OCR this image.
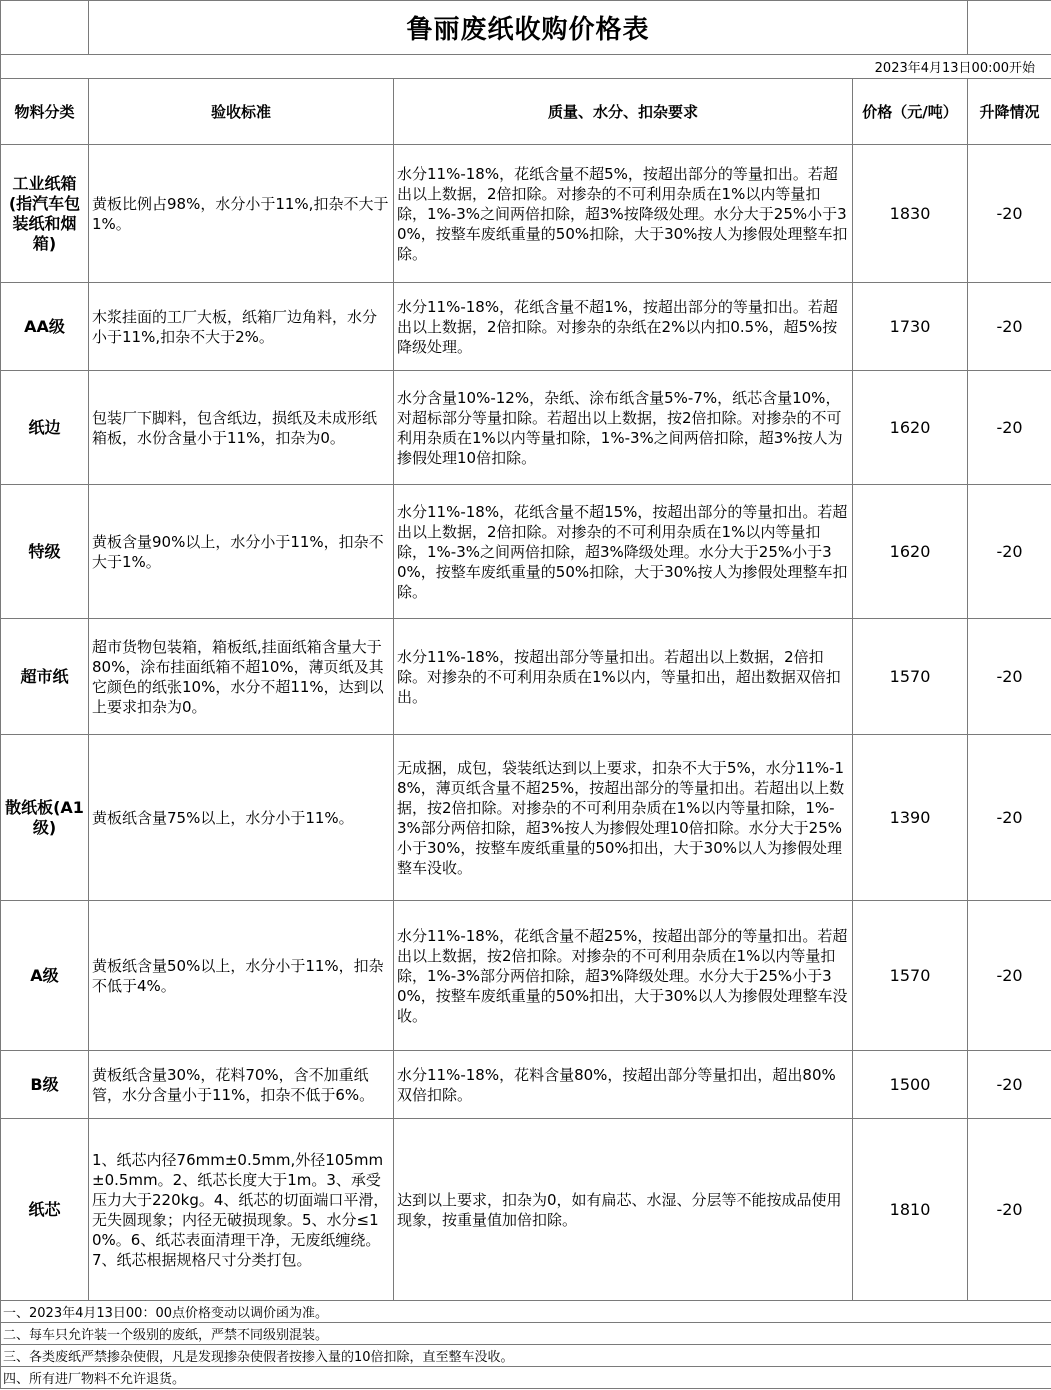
	鲁丽废纸收购价格表			
2023年4月13日00:00开始				
物料分类	验收标准	质量、水分、扣杂要求	价格（元/吨）	升降情况
工业纸箱(指汽车包装纸和烟箱)	黄板比例占98%，水分小于11%,扣杂不大于1%。	水分11%-18%，花纸含量不超5%，按超出部分的等量扣出。若超出以上数据，2倍扣除。对掺杂的不可利用杂质在1%以内等量扣除，1%-3%之间两倍扣除，超3%按降级处理。水分大于25%小于30%，按整车废纸重量的50%扣除，大于30%按人为掺假处理整车扣除。	1830	-20
AA级	木浆挂面的工厂大板，纸箱厂边角料，水分小于11%,扣杂不大于2%。	水分11%-18%，花纸含量不超1%，按超出部分的等量扣出。若超出以上数据，2倍扣除。对掺杂的杂纸在2%以内扣0.5%，超5%按降级处理。	1730	-20
纸边	包装厂下脚料，包含纸边，损纸及未成形纸箱板，水份含量小于11%，扣杂为0。	水分含量10%-12%，杂纸、涂布纸含量5%-7%，纸芯含量10%，对超标部分等量扣除。若超出以上数据，按2倍扣除。对掺杂的不可利用杂质在1%以内等量扣除，1%-3%之间两倍扣除，超3%按人为掺假处理10倍扣除。	1620	-20
特级	黄板含量90%以上，水分小于11%，扣杂不大于1%。	水分11%-18%，花纸含量不超15%，按超出部分的等量扣出。若超出以上数据，2倍扣除。对掺杂的不可利用杂质在1%以内等量扣除，1%-3%之间两倍扣除，超3%降级处理。水分大于25%小于30%，按整车废纸重量的50%扣除，大于30%按人为掺假处理整车扣除。	1620	-20
超市纸	超市货物包装箱，箱板纸,挂面纸箱含量大于80%，涂布挂面纸箱不超10%，薄页纸及其它颜色的纸张10%，水分不超11%，达到以上要求扣杂为0。	水分11%-18%，按超出部分等量扣出。若超出以上数据，2倍扣除。对掺杂的不可利用杂质在1%以内，等量扣出，超出数据双倍扣出。	1570	-20
散纸板(A1级)	黄板纸含量75%以上，水分小于11%。	无成捆，成包，袋装纸达到以上要求，扣杂不大于5%，水分11%-18%，薄页纸含量不超25%，按超出部分的等量扣出。若超出以上数据，按2倍扣除。对掺杂的不可利用杂质在1%以内等量扣除，1%-3%部分两倍扣除，超3%按人为掺假处理10倍扣除。水分大于25%小于30%，按整车废纸重量的50%扣出，大于30%以人为掺假处理整车没收。	1390	-20
A级	黄板纸含量50%以上，水分小于11%，扣杂不低于4%。	水分11%-18%，花纸含量不超25%，按超出部分的等量扣出。若超出以上数据，按2倍扣除。对掺杂的不可利用杂质在1%以内等量扣除，1%-3%部分两倍扣除，超3%降级处理。水分大于25%小于30%，按整车废纸重量的50%扣出，大于30%以人为掺假处理整车没收。	1570	-20
B级	黄板纸含量30%，花料70%，含不加重纸管，水分含量小于11%，扣杂不低于6%。	水分11%-18%，花料含量80%，按超出部分等量扣出，超出80%双倍扣除。	1500	-20
纸芯	1、纸芯内径76mm±0.5mm,外径105mm±0.5mm。2、纸芯长度大于1m。3、承受压力大于220kg。4、纸芯的切面端口平滑，无失圆现象；内径无破损现象。5、水分≤10%。6、纸芯表面清理干净，无废纸缠绕。7、纸芯根据规格尺寸分类打包。	达到以上要求，扣杂为0，如有扁芯、水湿、分层等不能按成品使用现象，按重量值加倍扣除。	1810	-20
一、2023年4月13日00：00点价格变动以调价函为准。				
二、每车只允许装一个级别的废纸，严禁不同级别混装。				
三、各类废纸严禁掺杂使假，凡是发现掺杂使假者按掺入量的10倍扣除，直至整车没收。				
四、所有进厂物料不允许退货。				
